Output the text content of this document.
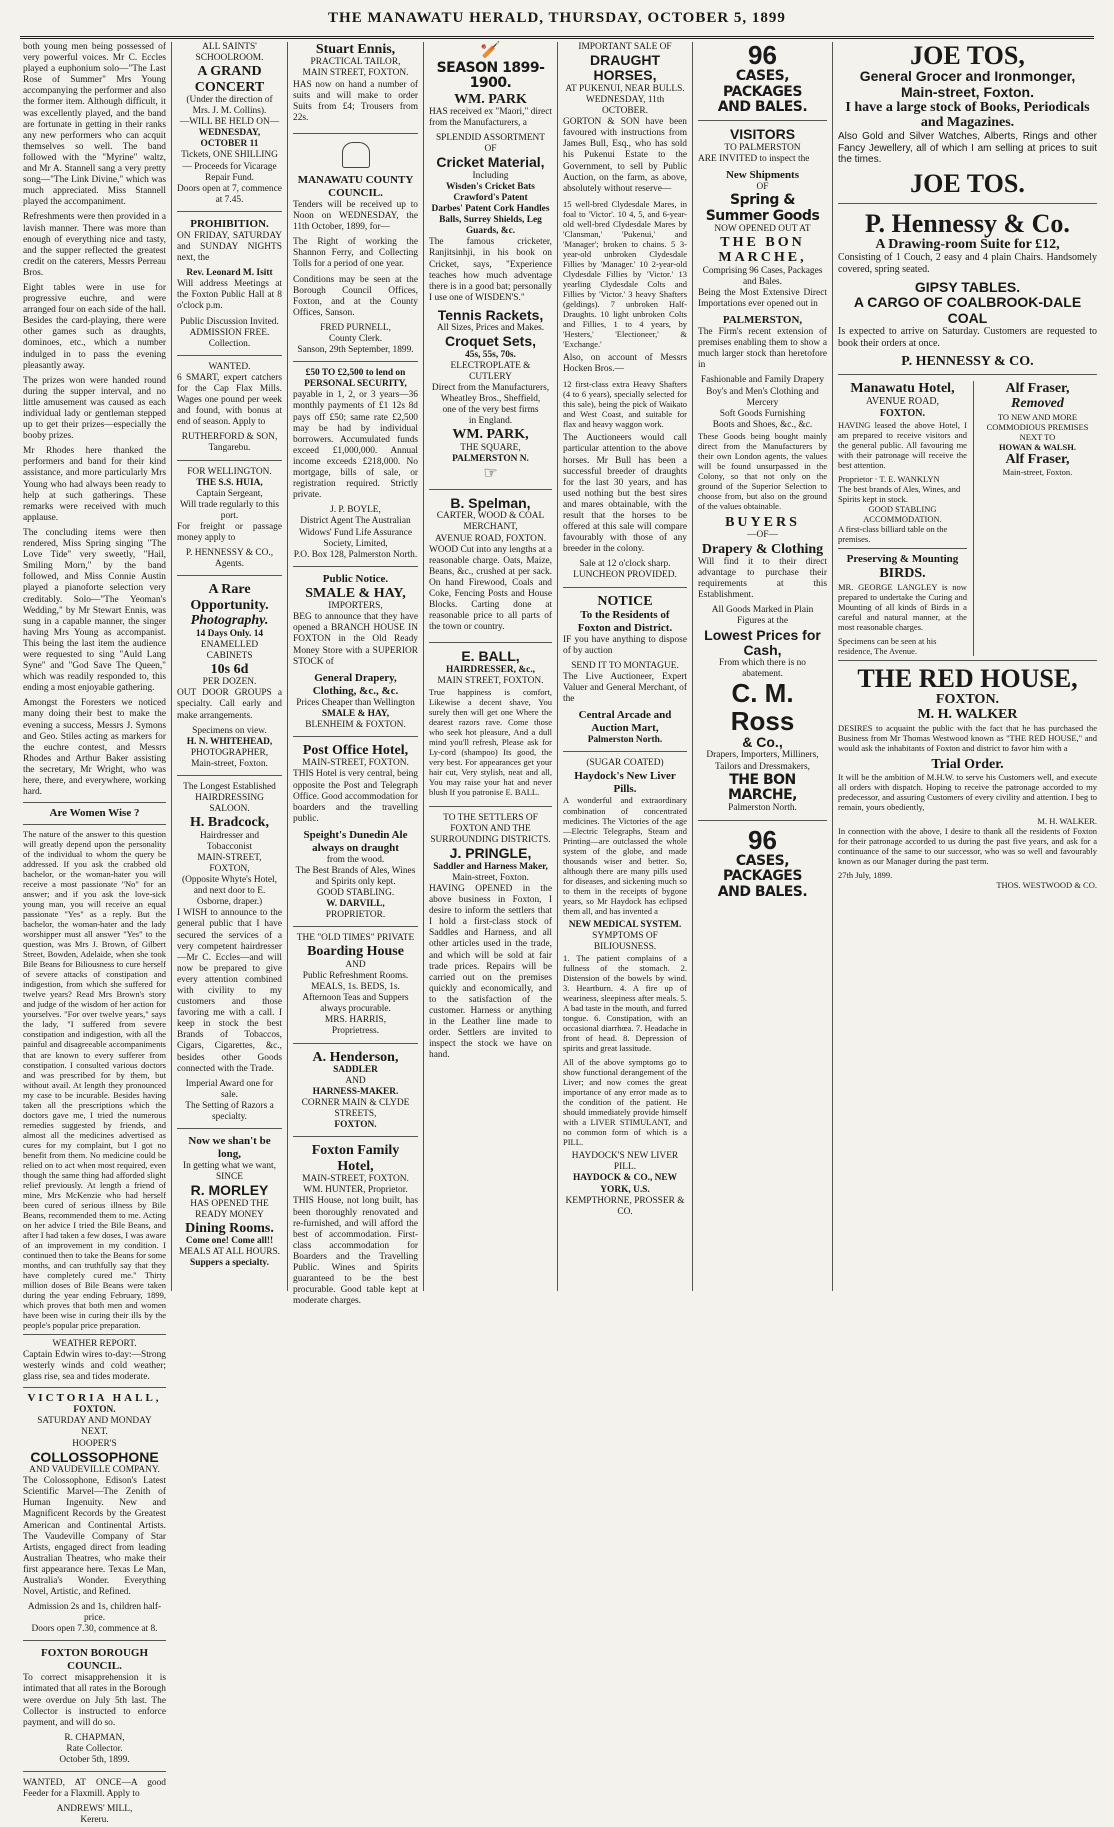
THE MANAWATU HERALD, THURSDAY, OCTOBER 5, 1899

both young men being possessed of very powerful voices. Mr C. Eccles played a euphonium solo—"The Last Rose of Summer" Mrs Young accompanying the performer and also the former item. Although difficult, it was excellently played, and the band are fortunate in getting in their ranks any new performers who can acquit themselves so well. The band followed with the "Myrine" waltz, and Mr A. Stannell sang a very pretty song—"The Link Divine," which was much appreciated. Miss Stannell played the accompaniment.

Refreshments were then provided in a lavish manner. There was more than enough of everything nice and tasty, and the supper reflected the greatest credit on the caterers, Messrs Perreau Bros.

Eight tables were in use for progressive euchre, and were arranged four on each side of the hall. Besides the card-playing, there were other games such as draughts, dominoes, etc., which a number indulged in to pass the evening pleasantly away.

The prizes won were handed round during the supper interval, and no little amusement was caused as each individual lady or gentleman stepped up to get their prizes—especially the booby prizes.

Mr Rhodes here thanked the performers and band for their kind assistance, and more particularly Mrs Young who had always been ready to help at such gatherings. These remarks were received with much applause.

The concluding items were then rendered, Miss Spring singing "The Love Tide" very sweetly, "Hail, Smiling Morn," by the band followed, and Miss Connie Austin played a pianoforte selection very creditably. Solo—"The Yeoman's Wedding," by Mr Stewart Ennis, was sung in a capable manner, the singer having Mrs Young as accompanist. This being the last item the audience were requested to sing "Auld Lang Syne" and "God Save The Queen," which was readily responded to, this ending a most enjoyable gathering.

Amongst the Foresters we noticed many doing their best to make the evening a success, Messrs J. Symons and Geo. Stiles acting as markers for the euchre contest, and Messrs Rhodes and Arthur Baker assisting the secretary, Mr Wright, who was here, there, and everywhere, working hard.

Are Women Wise ?

The nature of the answer to this question will greatly depend upon the personality of the individual to whom the query be addressed. If you ask the crabbed old bachelor, or the woman-hater you will receive a most passionate "No" for an answer; and if you ask the love-sick young man, you will receive an equal passionate "Yes" as a reply. But the bachelor, the woman-hater and the lady worshipper must all answer "Yes" to the question, was Mrs J. Brown, of Gilbert Street, Bowden, Adelaide, when she took Bile Beans for Biliousness to cure herself of severe attacks of constipation and indigestion, from which she suffered for twelve years? Read Mrs Brown's story and judge of the wisdom of her action for yourselves. "For over twelve years," says the lady, "I suffered from severe constipation and indigestion, with all the painful and disagreeable accompaniments that are known to every sufferer from constipation. I consulted various doctors and was prescribed for by them, but without avail. At length they pronounced my case to be incurable. Besides having taken all the prescriptions which the doctors gave me, I tried the numerous remedies suggested by friends, and almost all the medicines advertised as cures for my complaint, but I got no benefit from them. No medicine could be relied on to act when most required, even though the same thing had afforded slight relief previously. At length a friend of mine, Mrs McKenzie who had herself been cured of serious illness by Bile Beans, recommended them to me. Acting on her advice I tried the Bile Beans, and after I had taken a few doses, I was aware of an improvement in my condition. I continued then to take the Beans for some months, and can truthfully say that they have completely cured me." Thirty million doses of Bile Beans were taken during the year ending February, 1899, which proves that both men and women have been wise in curing their ills by the people's popular price preparation.

WEATHER REPORT.

Captain Edwin wires to-day:—Strong westerly winds and cold weather; glass rise, sea and tides moderate.

VICTORIA HALL,
FOXTON.
SATURDAY AND MONDAY NEXT.
HOOPER'S
COLLOSSOPHONE
AND VAUDEVILLE COMPANY.

The Colossophone, Edison's Latest Scientific Marvel—The Zenith of Human Ingenuity. New and Magnificent Records by the Greatest American and Continental Artists. The Vaudeville Company of Star Artists, engaged direct from leading Australian Theatres, who make their first appearance here. Texas Le Man, Australia's Wonder. Everything Novel, Artistic, and Refined.

Admission 2s and 1s, children half-price.
Doors open 7.30, commence at 8.
FOXTON BOROUGH COUNCIL.

To correct misapprehension it is intimated that all rates in the Borough were overdue on July 5th last. The Collector is instructed to enforce payment, and will do so.

R. CHAPMAN,
Rate Collector.
October 5th, 1899.

WANTED, AT ONCE—A good Feeder for a Flaxmill. Apply to

ANDREWS' MILL,
Kereru.
ALL SAINTS' SCHOOLROOM.
A GRAND CONCERT
(Under the direction of Mrs. J. M. Collins).
—WILL BE HELD ON—
WEDNESDAY, OCTOBER 11
Tickets, ONE SHILLING — Proceeds for Vicarage Repair Fund.
Doors open at 7, commence at 7.45.
PROHIBITION.

ON FRIDAY, SATURDAY and SUNDAY NIGHTS next, the

Rev. Leonard M. Isitt

Will address Meetings at the Foxton Public Hall at 8 o'clock p.m.

Public Discussion Invited.
ADMISSION FREE. Collection.
WANTED.

6 SMART, expert catchers for the Cap Flax Mills. Wages one pound per week and found, with bonus at end of season. Apply to

RUTHERFORD & SON,
Tangarebu.
FOR WELLINGTON.
THE S.S. HUIA,
Captain Sergeant,
Will trade regularly to this port.

For freight or passage money apply to

P. HENNESSY & CO.,
Agents.
A Rare Opportunity.
Photography.
14 Days Only. 14
ENAMELLED CABINETS
10s 6d
PER DOZEN.

OUT DOOR GROUPS a specialty. Call early and make arrangements.

Specimens on view.
H. N. WHITEHEAD,
PHOTOGRAPHER,
Main-street, Foxton.
The Longest Established
HAIRDRESSING SALOON.
H. Bradcock,
Hairdresser and Tobacconist
MAIN-STREET, FOXTON,
(Opposite Whyte's Hotel, and next door to E. Osborne, draper.)

I WISH to announce to the general public that I have secured the services of a very competent hairdresser—Mr C. Eccles—and will now be prepared to give every attention combined with civility to my customers and those favoring me with a call. I keep in stock the best Brands of Tobaccos, Cigars, Cigarettes, &c., besides other Goods connected with the Trade.

Imperial Award one for sale.
The Setting of Razors a specialty.
Now we shan't be long,
In getting what we want,
SINCE
R. MORLEY
HAS OPENED THE
READY MONEY
Dining Rooms.
Come one! Come all!!
MEALS AT ALL HOURS.
Suppers a specialty.
Stuart Ennis,
PRACTICAL TAILOR,
MAIN STREET, FOXTON.

HAS now on hand a number of suits and will make to order Suits from £4; Trousers from 22s.

MANAWATU COUNTY COUNCIL.

Tenders will be received up to Noon on WEDNESDAY, the 11th October, 1899, for—

The Right of working the Shannon Ferry, and Collecting Tolls for a period of one year.

Conditions may be seen at the Borough Council Offices, Foxton, and at the County Offices, Sanson.

FRED PURNELL,
County Clerk.
Sanson, 29th September, 1899.
£50 TO £2,500 to lend on PERSONAL SECURITY,

payable in 1, 2, or 3 years—36 monthly payments of £1 12s 8d pays off £50; same rate £2,500 may be had by individual borrowers. Accumulated funds exceed £1,000,000. Annual income exceeds £218,000. No mortgage, bills of sale, or registration required. Strictly private.

J. P. BOYLE,
District Agent The Australian Widows' Fund Life Assurance Society, Limited,
P.O. Box 128, Palmerston North.
Public Notice.
SMALE & HAY,
IMPORTERS,

BEG to announce that they have opened a BRANCH HOUSE IN FOXTON in the Old Ready Money Store with a SUPERIOR STOCK of

General Drapery, Clothing, &c., &c.
Prices Cheaper than Wellington
SMALE & HAY,
BLENHEIM & FOXTON.
Post Office Hotel,
MAIN-STREET, FOXTON.

THIS Hotel is very central, being opposite the Post and Telegraph Office. Good accommodation for boarders and the travelling public.

Speight's Dunedin Ale always on draught
from the wood.
The Best Brands of Ales, Wines and Spirits only kept.
GOOD STABLING.
W. DARVILL,
PROPRIETOR.
THE "OLD TIMES" PRIVATE
Boarding House
AND
Public Refreshment Rooms.
MEALS, 1s. BEDS, 1s.
Afternoon Teas and Suppers always procurable.
MRS. HARRIS,
Proprietress.
A. Henderson,
SADDLER
AND
HARNESS-MAKER.
CORNER MAIN & CLYDE STREETS,
FOXTON.
Foxton Family Hotel,
MAIN-STREET, FOXTON.
WM. HUNTER, Proprietor.

THIS House, not long built, has been thoroughly renovated and re-furnished, and will afford the best of accommodation. First-class accommodation for Boarders and the Travelling Public. Wines and Spirits guaranteed to be the best procurable. Good table kept at moderate charges.

🏏
SEASON 1899-1900.
WM. PARK

HAS received ex "Maori," direct from the Manufacturers, a

SPLENDID ASSORTMENT
OF
Cricket Material,
Including
Wisden's Cricket Bats
Crawford's Patent
Darbes' Patent Cork Handles
Balls, Surrey Shields, Leg Guards, &c.

The famous cricketer, Ranjitsinhji, in his book on Cricket, says, "Experience teaches how much adventage there is in a good bat; personally I use one of WISDEN'S."

Tennis Rackets,
All Sizes, Prices and Makes.
Croquet Sets,
45s, 55s, 70s.
ELECTROPLATE & CUTLERY
Direct from the Manufacturers,
Wheatley Bros., Sheffield,
one of the very best firms
in England.
WM. PARK,
THE SQUARE,
PALMERSTON N.
☞
B. Spelman,
CARTER, WOOD & COAL MERCHANT,
AVENUE ROAD, FOXTON.

WOOD Cut into any lengths at a reasonable charge. Oats, Maize, Beans, &c., crushed at per sack. On hand Firewood, Coals and Coke, Fencing Posts and House Blocks. Carting done at reasonable price to all parts of the town or country.

E. BALL,
HAIRDRESSER, &c.,
MAIN STREET, FOXTON.

True happiness is comfort, Likewise a decent shave, You surely then will get one Where the dearest razors rave. Come those who seek hot pleasure, And a dull mind you'll refresh, Please ask for Ly-cord (shampoo) Its good, the very best. For appearances get your hair cut, Very stylish, neat and all, You may raise your hat and never blush If you patronise E. BALL.

TO THE SETTLERS OF FOXTON AND THE SURROUNDING DISTRICTS.
J. PRINGLE,
Saddler and Harness Maker,
Main-street, Foxton.

HAVING OPENED in the above business in Foxton, I desire to inform the settlers that I hold a first-class stock of Saddles and Harness, and all other articles used in the trade, and which will be sold at fair trade prices. Repairs will be carried out on the premises quickly and economically, and to the satisfaction of the customer. Harness or anything in the Leather line made to order. Settlers are invited to inspect the stock we have on hand.

IMPORTANT SALE OF
DRAUGHT HORSES,
AT PUKENUI, NEAR BULLS.
WEDNESDAY, 11th OCTOBER.

GORTON & SON have been favoured with instructions from James Bull, Esq., who has sold his Pukenui Estate to the Government, to sell by Public Auction, on the farm, as above, absolutely without reserve—

15 well-bred Clydesdale Mares, in foal to 'Victor'. 10 4, 5, and 6-year-old well-bred Clydesdale Mares by 'Clansman,' 'Pukenui,' and 'Manager'; broken to chains. 5 3-year-old unbroken Clydesdale Fillies by 'Manager.' 10 2-year-old Clydesdale Fillies by 'Victor.' 13 yearling Clydesdale Colts and Fillies by 'Victor.' 3 heavy Shafters (geldings). 7 unbroken Half-Draughts. 10 light unbroken Colts and Fillies, 1 to 4 years, by 'Hesters,' 'Electioneer,' & 'Exchange.'

Also, on account of Messrs Hocken Bros.—

12 first-class extra Heavy Shafters (4 to 6 years), specially selected for this sale), being the pick of Waikato and West Coast, and suitable for flax and heavy waggon work.

The Auctioneers would call particular attention to the above horses. Mr Bull has been a successful breeder of draughts for the last 30 years, and has used nothing but the best sires and mares obtainable, with the result that the horses to be offered at this sale will compare favourably with those of any breeder in the colony.

Sale at 12 o'clock sharp.
LUNCHEON PROVIDED.
NOTICE
To the Residents of Foxton and District.

IF you have anything to dispose of by auction

SEND IT TO MONTAGUE.

The Live Auctioneer, Expert Valuer and General Merchant, of the

Central Arcade and Auction Mart,
Palmerston North.
(SUGAR COATED)
Haydock's New Liver Pills.

A wonderful and extraordinary combination of concentrated medicines. The Victories of the age—Electric Telegraphs, Steam and Printing—are outclassed the whole system of the globe, and made thousands wiser and better. So, although there are many pills used for diseases, and sickening much so to them in the receipts of bygone years, so Mr Haydock has eclipsed them all, and has invented a

NEW MEDICAL SYSTEM.
SYMPTOMS OF BILIOUSNESS.

1. The patient complains of a fullness of the stomach. 2. Distension of the bowels by wind. 3. Heartburn. 4. A fire up of weariness, sleepiness after meals. 5. A bad taste in the mouth, and furred tongue. 6. Constipation, with an occasional diarrhœa. 7. Headache in front of head. 8. Depression of spirits and great lassitude.

All of the above symptoms go to show functional derangement of the Liver; and now comes the great importance of any error made as to the condition of the patient. He should immediately provide himself with a LIVER STIMULANT, and no common form of which is a PILL.

HAYDOCK'S NEW LIVER PILL.
HAYDOCK & CO., NEW YORK, U.S.
KEMPTHORNE, PROSSER & CO.
96
CASES, PACKAGES
AND BALES.
VISITORS
TO PALMERSTON

ARE INVITED to inspect the

New Shipments
OF
Spring & Summer Goods
NOW OPENED OUT AT
THE BON
MARCHE,
Comprising 96 Cases, Packages and Bales.

Being the Most Extensive Direct Importations ever opened out in

PALMERSTON,

The Firm's recent extension of premises enabling them to show a much larger stock than heretofore in

Fashionable and Family Drapery
Boy's and Men's Clothing and Mercery
Soft Goods Furnishing
Boots and Shoes, &c., &c.

These Goods being bought mainly direct from the Manufacturers by their own London agents, the values will be found unsurpassed in the Colony, so that not only on the ground of the Superior Selection to choose from, but also on the ground of the values obtainable.

BUYERS
—OF—
Drapery & Clothing

Will find it to their direct advantage to purchase their requirements at this Establishment.

All Goods Marked in Plain Figures at the
Lowest Prices for Cash,
From which there is no abatement.
C. M. Ross
& Co.,
Drapers, Importers, Milliners, Tailors and Dressmakers,
THE BON MARCHE,
Palmerston North.
96
CASES, PACKAGES
AND BALES.
JOE TOS,
General Grocer and Ironmonger,
Main-street, Foxton.
I have a large stock of Books, Periodicals and Magazines.

Also Gold and Silver Watches, Alberts, Rings and other Fancy Jewellery, all of which I am selling at prices to suit the times.

JOE TOS.
P. Hennessy & Co.
A Drawing-room Suite for £12,

Consisting of 1 Couch, 2 easy and 4 plain Chairs. Handsomely covered, spring seated.

GIPSY TABLES.
A CARGO OF COALBROOK-DALE COAL

Is expected to arrive on Saturday. Customers are requested to book their orders at once.

P. HENNESSY & CO.
Manawatu Hotel,
AVENUE ROAD,
FOXTON.

HAVING leased the above Hotel, I am prepared to receive visitors and the general public. All favouring me with their patronage will receive the best attention.

Proprietor · T. E. WANKLYN
The best brands of Ales, Wines, and Spirits kept in stock.
GOOD STABLING ACCOMMODATION.
A first-class billiard table on the premises.
Preserving & Mounting
BIRDS.

MR. GEORGE LANGLEY is now prepared to undertake the Curing and Mounting of all kinds of Birds in a careful and natural manner, at the most reasonable charges.

Specimens can be seen at his residence, The Avenue.
Alf Fraser,
Removed
TO NEW AND MORE COMMODIOUS PREMISES NEXT TO
HOWAN & WALSH.
Alf Fraser,
Main-street, Foxton.
THE RED HOUSE,
FOXTON.
M. H. WALKER

DESIRES to acquaint the public with the fact that he has purchased the Business from Mr Thomas Westwood known as "THE RED HOUSE," and would ask the inhabitants of Foxton and district to favor him with a

Trial Order.

It will be the ambition of M.H.W. to serve his Customers well, and execute all orders with dispatch. Hoping to receive the patronage accorded to my predecessor, and assuring Customers of every civility and attention. I beg to remain, yours obediently,

M. H. WALKER.

In connection with the above, I desire to thank all the residents of Foxton for their patronage accorded to us during the past five years, and ask for a continuance of the same to our successor, who was so well and favourably known as our Manager during the past term.

27th July, 1899.
THOS. WESTWOOD & CO.
